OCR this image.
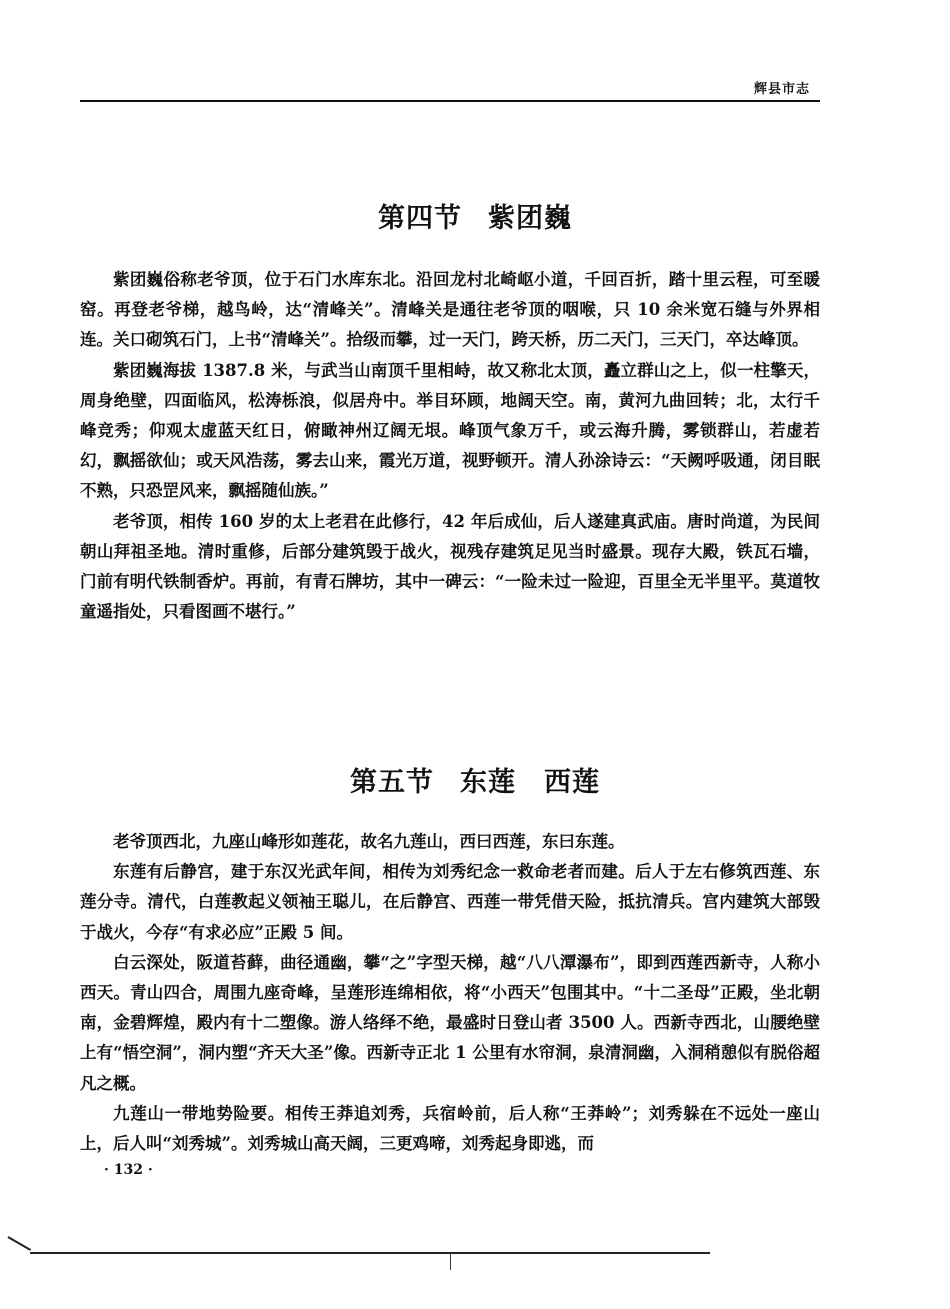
辉县市志
第四节 紫团巍

紫团巍俗称老爷顶，位于石门水库东北。沿回龙村北崎岖小道，千回百折，踏十里云程，可至暖窑。再登老爷梯，越鸟岭，达“清峰关”。清峰关是通往老爷顶的咽喉，只 10 余米宽石缝与外界相连。关口砌筑石门，上书“清峰关”。拾级而攀，过一天门，跨天桥，历二天门，三天门，卒达峰顶。

紫团巍海拔 1387.8 米，与武当山南顶千里相峙，故又称北太顶，矗立群山之上，似一柱擎天，周身绝壁，四面临风，松涛栎浪，似居舟中。举目环顾，地阔天空。南，黄河九曲回转；北，太行千峰竞秀；仰观太虚蓝天红日，俯瞰神州辽阔无垠。峰顶气象万千，或云海升腾，雾锁群山，若虚若幻，飘摇欲仙；或天风浩荡，雾去山来，霞光万道，视野顿开。清人孙涂诗云：“天阙呼吸通，闭目眠不熟，只恐罡风来，飘摇随仙族。”

老爷顶，相传 160 岁的太上老君在此修行，42 年后成仙，后人遂建真武庙。唐时尚道，为民间朝山拜祖圣地。清时重修，后部分建筑毁于战火，视残存建筑足见当时盛景。现存大殿，铁瓦石墙，门前有明代铁制香炉。再前，有青石牌坊，其中一碑云：“一险未过一险迎，百里全无半里平。莫道牧童遥指处，只看图画不堪行。”

第五节 东莲　西莲

老爷顶西北，九座山峰形如莲花，故名九莲山，西曰西莲，东曰东莲。

东莲有后静宫，建于东汉光武年间，相传为刘秀纪念一救命老者而建。后人于左右修筑西莲、东莲分寺。清代，白莲教起义领袖王聪儿，在后静宫、西莲一带凭借天险，抵抗清兵。宫内建筑大部毁于战火，今存“有求必应”正殿 5 间。

白云深处，阪道苔藓，曲径通幽，攀“之”字型天梯，越“八八潭瀑布”，即到西莲西新寺，人称小西天。青山四合，周围九座奇峰，呈莲形连绵相依，将“小西天”包围其中。“十二圣母”正殿，坐北朝南，金碧辉煌，殿内有十二塑像。游人络绎不绝，最盛时日登山者 3500 人。西新寺西北，山腰绝壁上有“悟空洞”，洞内塑“齐天大圣”像。西新寺正北 1 公里有水帘洞，泉清洞幽，入洞稍憩似有脱俗超凡之概。

九莲山一带地势险要。相传王莽追刘秀，兵宿岭前，后人称“王莽岭”；刘秀躲在不远处一座山上，后人叫“刘秀城”。刘秀城山高天阔，三更鸡啼，刘秀起身即逃，而

· 132 ·
